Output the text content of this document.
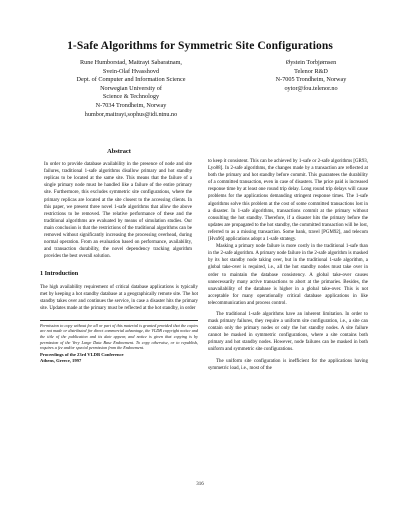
1-Safe Algorithms for Symmetric Site Configurations
Rune Humborstad, Maitrayi Sabaratnam,
Svein-Olaf Hvasshovd
Dept. of Computer and Information Science
Norwegian University of
Science & Technology
N-7034 Trondheim, Norway
humbor,maitrayi,sophus@idi.ntnu.no
Øystein Torbjørnsen
Telenor R&D
N-7005 Trondheim, Norway
oytor@fou.telenor.no
Abstract
In order to provide database availability in the presence of node and site failures, traditional 1-safe algorithms disallow primary and hot standby replicas to be located at the same site. This means that the failure of a single primary node must be handled like a failure of the entire primary site. Furthermore, this excludes symmetric site configurations, where the primary replicas are located at the site closest to the accessing clients. In this paper, we present three novel 1-safe algorithms that allow the above restrictions to be removed. The relative performance of these and the traditional algorithms are evaluated by means of simulation studies. Our main conclusion is that the restrictions of the traditional algorithms can be removed without significantly increasing the processing overhead, during normal operation. From an evaluation based on performance, availability, and transaction durability, the novel dependency tracking algorithm provides the best overall solution.
1 Introduction
The high availability requirement of critical database applications is typically met by keeping a hot standby database at a geographically remote site. The hot standby takes over and continues the service, in case a disaster hits the primary site. Updates made at the primary must be reflected at the hot standby, in order
Permission to copy without fee all or part of this material is granted provided that the copies are not made or distributed for direct commercial advantage, the VLDB copyright notice and the title of the publication and its date appear, and notice is given that copying is by permission of the Very Large Data Base Endowment. To copy otherwise, or to republish, requires a fee and/or special permission from the Endowment.
Proceedings of the 23rd VLDB Conference
Athens, Greece, 1997
to keep it consistent. This can be achieved by 1-safe or 2-safe algorithms [GR93, Lyo88]. In 2-safe algorithms, the changes made by a transaction are reflected at both the primary and hot standby before commit. This guarantees the durability of a committed transaction, even in case of disasters. The price paid is increased response time by at least one round trip delay. Long round trip delays will cause problems for the applications demanding stringent response times. The 1-safe algorithms solve this problem at the cost of some committed transactions lost in a disaster. In 1-safe algorithms, transactions commit at the primary without consulting the hot standby. Therefore, if a disaster hits the primary before the updates are propagated to the hot standby, the committed transaction will be lost, referred to as a missing transaction. Some bank, travel [PGM92], and telecom [Hva96] applications adopt a 1-safe strategy.
Masking a primary node failure is more costly in the traditional 1-safe than in the 2-safe algorithm. A primary node failure in the 2-safe algorithm is masked by its hot standby node taking over, but in the traditional 1-safe algorithm, a global take-over is required, i.e., all the hot standby nodes must take over in order to maintain the database consistency. A global take-over causes unnecessarily many active transactions to abort at the primaries. Besides, the unavailability of the database is higher in a global take-over. This is not acceptable for many operationally critical database applications in like telecommunication and process control.
The traditional 1-safe algorithms have an inherent limitation. In order to mask primary failures, they require a uniform site configuration, i.e., a site can contain only the primary nodes or only the hot standby nodes. A site failure cannot be masked in symmetric configurations, where a site contains both primary and hot standby nodes. However, node failures can be masked in both uniform and symmetric site configurations.
The uniform site configuration is inefficient for the applications having symmetric load, i.e., most of the
316
